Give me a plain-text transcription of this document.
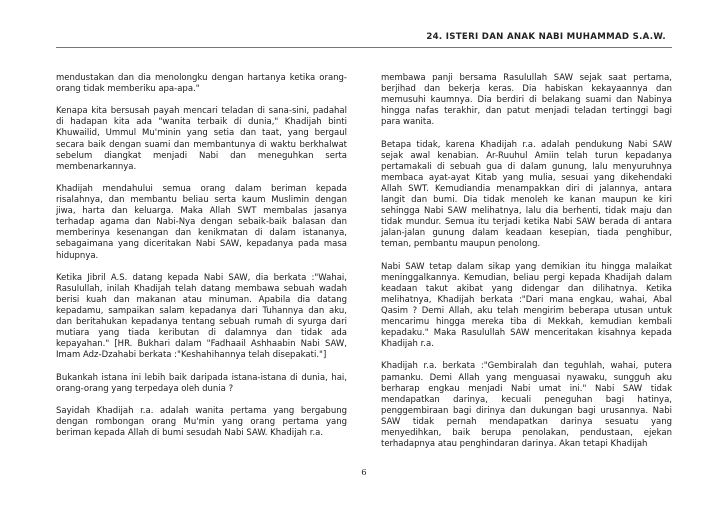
24. ISTERI DAN ANAK NABI MUHAMMAD S.A.W.

mendustakan dan dia menolongku dengan hartanya ketika orang-orang tidak memberiku apa-apa."

Kenapa kita bersusah payah mencari teladan di sana-sini, padahal di hadapan kita ada "wanita terbaik di dunia," Khadijah binti Khuwailid, Ummul Mu'minin yang setia dan taat, yang bergaul secara baik dengan suami dan membantunya di waktu berkhalwat sebelum diangkat menjadi Nabi dan meneguhkan serta membenarkannya.

Khadijah mendahului semua orang dalam beriman kepada risalahnya, dan membantu beliau serta kaum Muslimin dengan jiwa, harta dan keluarga. Maka Allah SWT membalas jasanya terhadap agama dan Nabi-Nya dengan sebaik-baik balasan dan memberinya kesenangan dan kenikmatan di dalam istananya, sebagaimana yang diceritakan Nabi SAW, kepadanya pada masa hidupnya.

Ketika Jibril A.S. datang kepada Nabi SAW, dia berkata :"Wahai, Rasulullah, inilah Khadijah telah datang membawa sebuah wadah berisi kuah dan makanan atau minuman. Apabila dia datang kepadamu, sampaikan salam kepadanya dari Tuhannya dan aku, dan beritahukan kepadanya tentang sebuah rumah di syurga dari mutiara yang tiada keributan di dalamnya dan tidak ada kepayahan." [HR. Bukhari dalam "Fadhaail Ashhaabin Nabi SAW, Imam Adz-Dzahabi berkata :"Keshahihannya telah disepakati."]

Bukankah istana ini lebih baik daripada istana-istana di dunia, hai, orang-orang yang terpedaya oleh dunia ?

Sayidah Khadijah r.a. adalah wanita pertama yang bergabung dengan rombongan orang Mu'min yang orang pertama yang beriman kepada Allah di bumi sesudah Nabi SAW. Khadijah r.a.

membawa panji bersama Rasulullah SAW sejak saat pertama, berjihad dan bekerja keras. Dia habiskan kekayaannya dan memusuhi kaumnya. Dia berdiri di belakang suami dan Nabinya hingga nafas terakhir, dan patut menjadi teladan tertinggi bagi para wanita.

Betapa tidak, karena Khadijah r.a. adalah pendukung Nabi SAW sejak awal kenabian. Ar-Ruuhul Amiin telah turun kepadanya pertamakali di sebuah gua di dalam gunung, lalu menyuruhnya membaca ayat-ayat Kitab yang mulia, sesuai yang dikehendaki Allah SWT. Kemudiandia menampakkan diri di jalannya, antara langit dan bumi. Dia tidak menoleh ke kanan maupun ke kiri sehingga Nabi SAW melihatnya, lalu dia berhenti, tidak maju dan tidak mundur. Semua itu terjadi ketika Nabi SAW berada di antara jalan-jalan gunung dalam keadaan kesepian, tiada penghibur, teman, pembantu maupun penolong.

Nabi SAW tetap dalam sikap yang demikian itu hingga malaikat meninggalkannya. Kemudian, beliau pergi kepada Khadijah dalam keadaan takut akibat yang didengar dan dilihatnya. Ketika melihatnya, Khadijah berkata :"Dari mana engkau, wahai, Abal Qasim ? Demi Allah, aku telah mengirim beberapa utusan untuk mencarimu hingga mereka tiba di Mekkah, kemudian kembali kepadaku." Maka Rasulullah SAW menceritakan kisahnya kepada Khadijah r.a.

Khadijah r.a. berkata :"Gembiralah dan teguhlah, wahai, putera pamanku. Demi Allah yang menguasai nyawaku, sungguh aku berharap engkau menjadi Nabi umat ini." Nabi SAW tidak mendapatkan darinya, kecuali peneguhan bagi hatinya, penggembiraan bagi dirinya dan dukungan bagi urusannya. Nabi SAW tidak pernah mendapatkan darinya sesuatu yang menyedihkan, baik berupa penolakan, pendustaan, ejekan terhadapnya atau penghindaran darinya. Akan tetapi Khadijah

6
